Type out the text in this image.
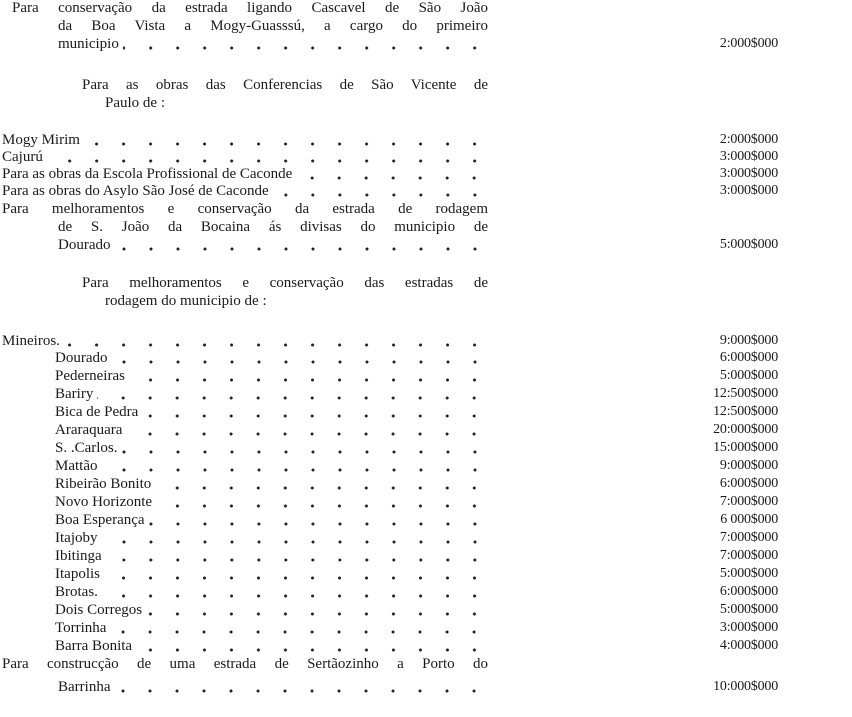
Para conservação da estrada ligando Cascavel de São João
da Boa Vista a Mogy-Guasssú, a cargo do primeiro
2:000$000
municipio
Para as obras das Conferencias de São Vicente de
Paulo de :
2:000$000
Mogy Mirim
3:000$000
Cajurú
3:000$000
Para as obras da Escola Profissional de Caconde
3:000$000
Para as obras do Asylo São José de Caconde
Para melhoramentos e conservação da estrada de rodagem
de S. João da Bocaina ás divisas do municipio de
5:000$000
Dourado
Para melhoramentos e conservação das estradas de
rodagem do municipio de :
9:000$000
Mineiros.
6:000$000
Dourado
5:000$000
Pederneiras
12:500$000
Bariry
12:500$000
Bica de Pedra
20:000$000
Araraquara
15:000$000
S. .Carlos.
9:000$000
Mattão
6:000$000
Ribeirão Bonito
7:000$000
Novo Horizonte
6 000$000
Boa Esperança
7:000$000
Itajoby
7:000$000
Ibitinga
5:000$000
Itapolis
6:000$000
Brotas.
5:000$000
Dois Corregos
3:000$000
Torrinha
4:000$000
Barra Bonita
Para construcção de uma estrada de Sertãozinho a Porto do
10:000$000
Barrinha
